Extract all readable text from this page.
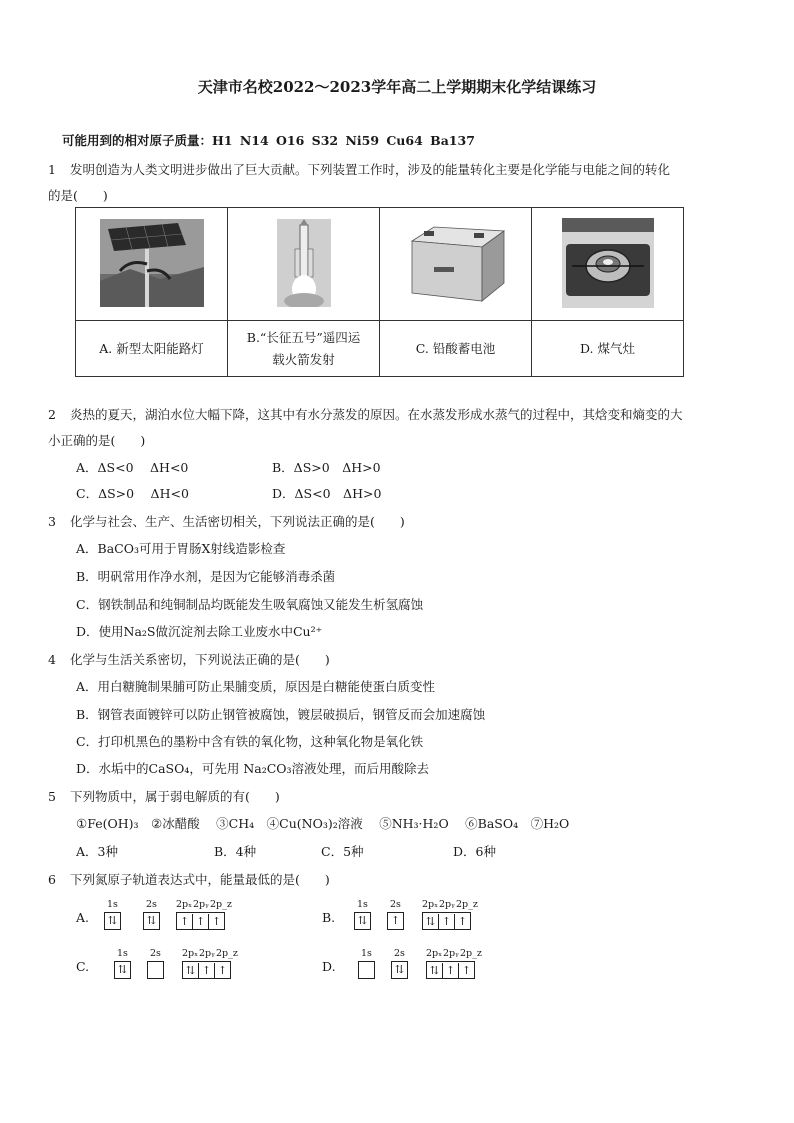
天津市名校2022～2023学年高二上学期期末化学结课练习
可能用到的相对原子质量：H1 N14 O16 S32 Ni59 Cu64 Ba137
1 发明创造为人类文明进步做出了巨大贡献。下列装置工作时，涉及的能量转化主要是化学能与电能之间的转化
的是(　　)

A. 新型太阳能路灯	B.“长征五号”遥四运
载火箭发射	C. 铅酸蓄电池	D. 煤气灶
2 炎热的夏天，湖泊水位大幅下降，这其中有水分蒸发的原因。在水蒸发形成水蒸气的过程中，其焓变和熵变的大
小正确的是(　　)
A．ΔS<0　 ΔH<0	B．ΔS>0　ΔH>0
C．ΔS>0　 ΔH<0	D．ΔS<0　ΔH>0
3 化学与社会、生产、生活密切相关，下列说法正确的是(　　)
A．BaCO₃可用于胃肠X射线造影检查
B．明矾常用作净水剂，是因为它能够消毒杀菌
C．钢铁制品和纯铜制品均既能发生吸氧腐蚀又能发生析氢腐蚀
D．使用Na₂S做沉淀剂去除工业废水中Cu²⁺
4 化学与生活关系密切，下列说法正确的是(　　)
A．用白糖腌制果脯可防止果脯变质，原因是白糖能使蛋白质变性
B．钢管表面镀锌可以防止钢管被腐蚀，镀层破损后，钢管反而会加速腐蚀
C．打印机黑色的墨粉中含有铁的氧化物，这种氧化物是氧化铁
D．水垢中的CaSO₄，可先用 Na₂CO₃溶液处理，而后用酸除去
5 下列物质中，属于弱电解质的有(　　)
①Fe(OH)₃　②冰醋酸　 ③CH₄　④Cu(NO₃)₂溶液　 ⑤NH₃·H₂O　 ⑥BaSO₄　⑦H₂O
A．3种	B．4种	C．5种	D．6种
6 下列氮原子轨道表达式中，能量最低的是(　　)
A.
1s
⇅
2s
⇅
2pₓ 2pᵧ 2p_z
↑ ↑ ↑	B.
1s
⇅
2s
↑
2pₓ 2pᵧ 2p_z
⇅ ↑ ↑
C.
1s
⇅
2s
2pₓ 2pᵧ 2p_z
⇅ ↑ ↑	D.
1s
2s
⇅
2pₓ 2pᵧ 2p_z
⇅ ↑ ↑
